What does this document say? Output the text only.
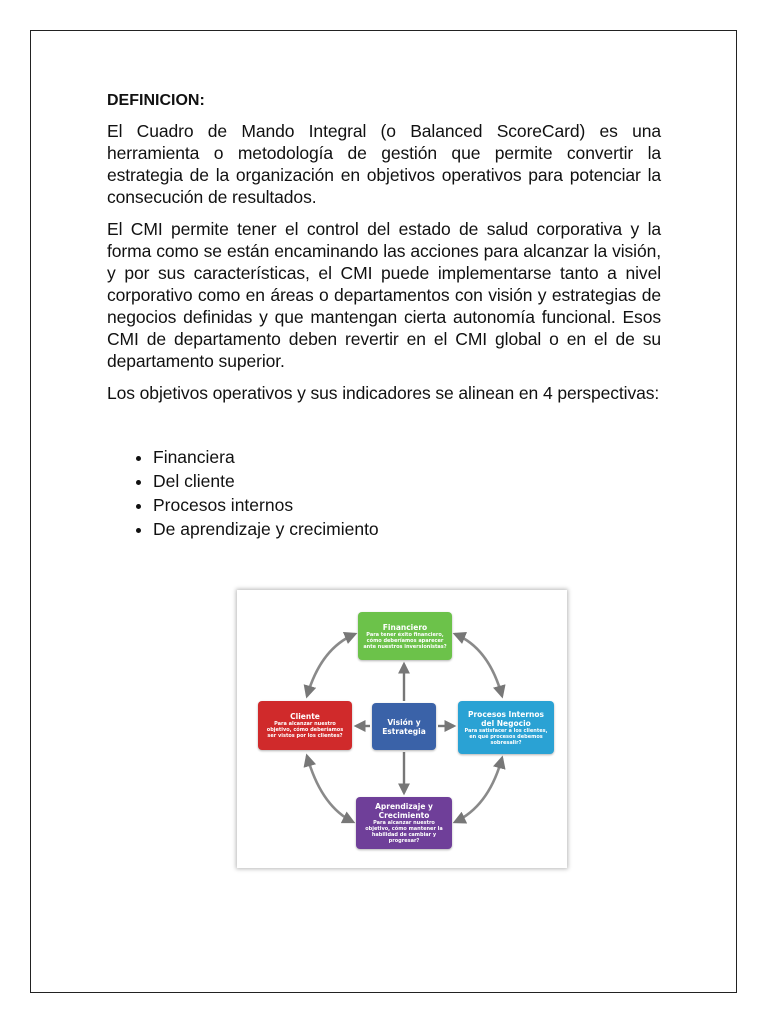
DEFINICION:

El Cuadro de Mando Integral (o Balanced ScoreCard) es una herramienta o metodología de gestión que permite convertir la estrategia de la organización en objetivos operativos para potenciar la consecución de resultados.

El CMI permite tener el control del estado de salud corporativa y la forma como se están encaminando las acciones para alcanzar la visión, y por sus características, el CMI puede implementarse tanto a nivel corporativo como en áreas o departamentos con visión y estrategias de negocios definidas y que mantengan cierta autonomía funcional. Esos CMI de departamento deben revertir en el CMI global o en el de su departamento superior.

Los objetivos operativos y sus indicadores se alinean en 4 perspectivas:

• Financiera
• Del cliente
• Procesos internos
• De aprendizaje y crecimiento
Financiero
Para tener éxito financiero, cómo deberíamos aparecer ante nuestros inversionistas?
Cliente
Para alcanzar nuestro objetivo, cómo deberíamos ser vistos por los clientes?
Visión y Estrategia
Procesos Internos del Negocio
Para satisfacer a los clientes, en qué procesos debemos sobresalir?
Aprendizaje y Crecimiento
Para alcanzar nuestro objetivo, cómo mantener la habilidad de cambiar y progresar?
